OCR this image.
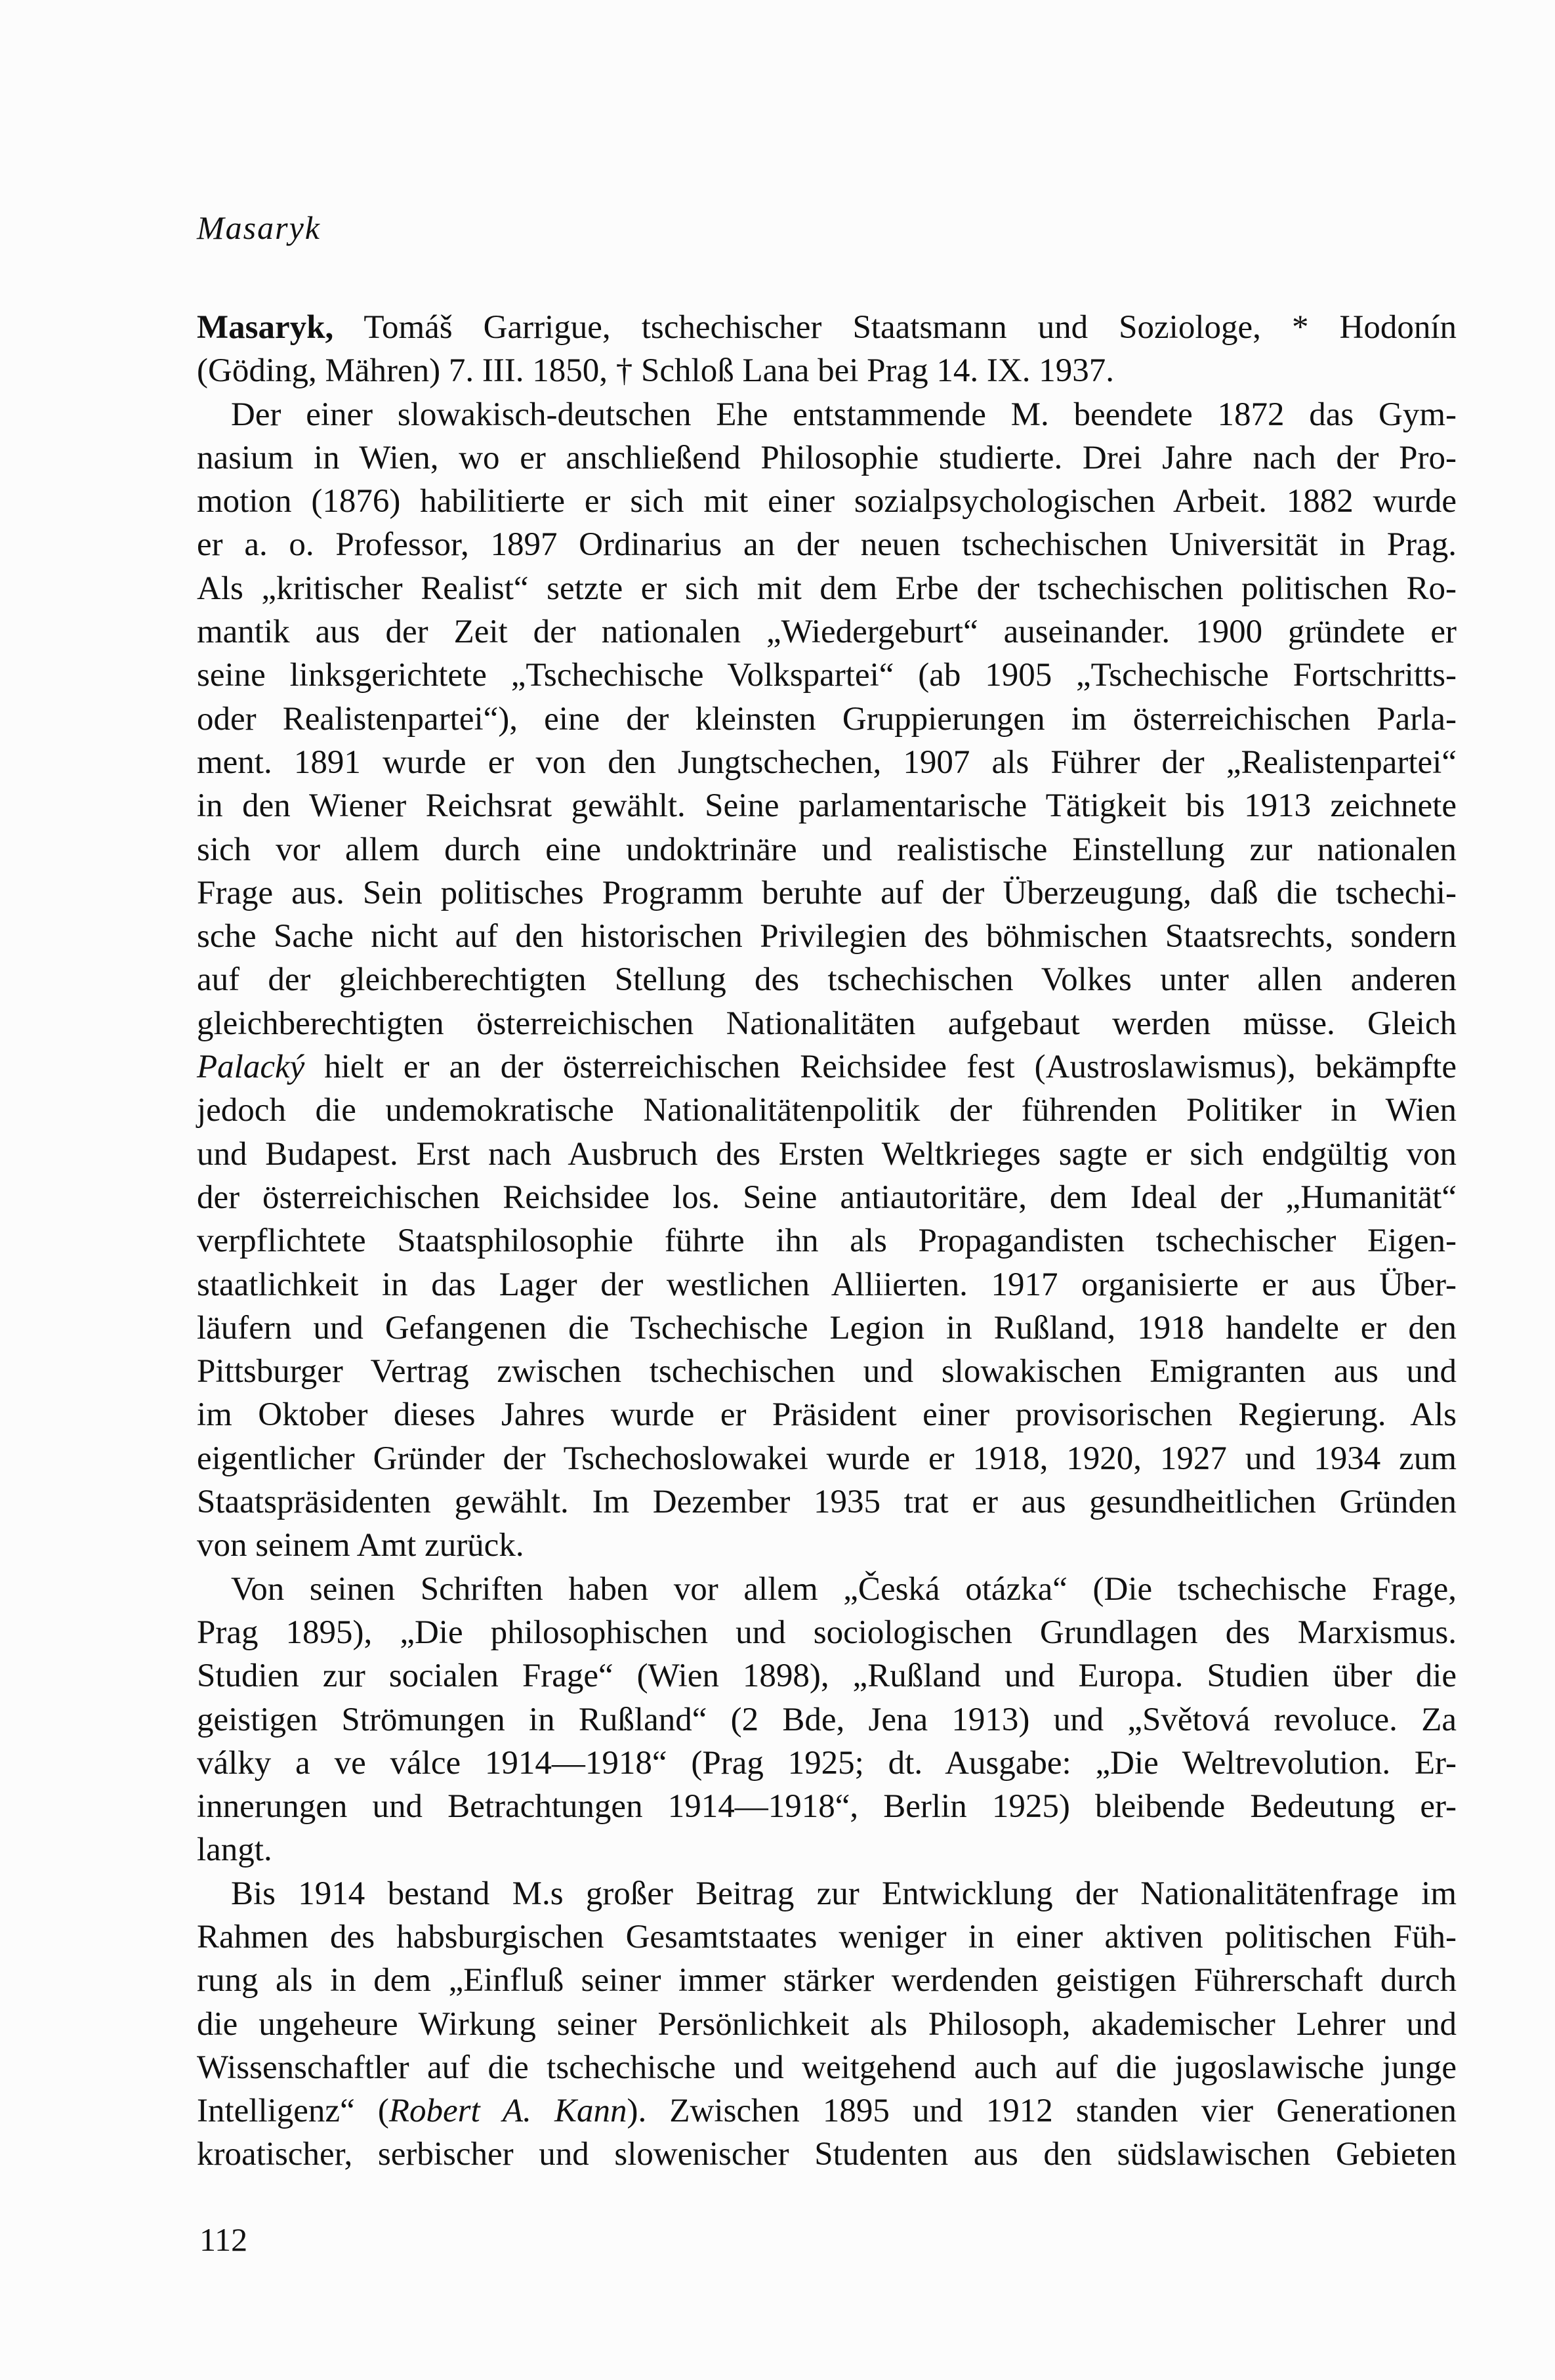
Masaryk
Masaryk, Tomáš Garrigue, tschechischer Staatsmann und Soziologe, * Hodonín
(Göding, Mähren) 7. III. 1850, † Schloß Lana bei Prag 14. IX. 1937.
Der einer slowakisch-deutschen Ehe entstammende M. beendete 1872 das Gym-
nasium in Wien, wo er anschließend Philosophie studierte. Drei Jahre nach der Pro-
motion (1876) habilitierte er sich mit einer sozialpsychologischen Arbeit. 1882 wurde
er a. o. Professor, 1897 Ordinarius an der neuen tschechischen Universität in Prag.
Als „kritischer Realist“ setzte er sich mit dem Erbe der tschechischen politischen Ro-
mantik aus der Zeit der nationalen „Wiedergeburt“ auseinander. 1900 gründete er
seine linksgerichtete „Tschechische Volkspartei“ (ab 1905 „Tschechische Fortschritts-
oder Realistenpartei“), eine der kleinsten Gruppierungen im österreichischen Parla-
ment. 1891 wurde er von den Jungtschechen, 1907 als Führer der „Realistenpartei“
in den Wiener Reichsrat gewählt. Seine parlamentarische Tätigkeit bis 1913 zeichnete
sich vor allem durch eine undoktrinäre und realistische Einstellung zur nationalen
Frage aus. Sein politisches Programm beruhte auf der Überzeugung, daß die tschechi-
sche Sache nicht auf den historischen Privilegien des böhmischen Staatsrechts, sondern
auf der gleichberechtigten Stellung des tschechischen Volkes unter allen anderen
gleichberechtigten österreichischen Nationalitäten aufgebaut werden müsse. Gleich
Palacký hielt er an der österreichischen Reichsidee fest (Austroslawismus), bekämpfte
jedoch die undemokratische Nationalitätenpolitik der führenden Politiker in Wien
und Budapest. Erst nach Ausbruch des Ersten Weltkrieges sagte er sich endgültig von
der österreichischen Reichsidee los. Seine antiautoritäre, dem Ideal der „Humanität“
verpflichtete Staatsphilosophie führte ihn als Propagandisten tschechischer Eigen-
staatlichkeit in das Lager der westlichen Alliierten. 1917 organisierte er aus Über-
läufern und Gefangenen die Tschechische Legion in Rußland, 1918 handelte er den
Pittsburger Vertrag zwischen tschechischen und slowakischen Emigranten aus und
im Oktober dieses Jahres wurde er Präsident einer provisorischen Regierung. Als
eigentlicher Gründer der Tschechoslowakei wurde er 1918, 1920, 1927 und 1934 zum
Staatspräsidenten gewählt. Im Dezember 1935 trat er aus gesundheitlichen Gründen
von seinem Amt zurück.
Von seinen Schriften haben vor allem „Česká otázka“ (Die tschechische Frage,
Prag 1895), „Die philosophischen und sociologischen Grundlagen des Marxismus.
Studien zur socialen Frage“ (Wien 1898), „Rußland und Europa. Studien über die
geistigen Strömungen in Rußland“ (2 Bde, Jena 1913) und „Světová revoluce. Za
války a ve válce 1914—1918“ (Prag 1925; dt. Ausgabe: „Die Weltrevolution. Er-
innerungen und Betrachtungen 1914—1918“, Berlin 1925) bleibende Bedeutung er-
langt.
Bis 1914 bestand M.s großer Beitrag zur Entwicklung der Nationalitätenfrage im
Rahmen des habsburgischen Gesamtstaates weniger in einer aktiven politischen Füh-
rung als in dem „Einfluß seiner immer stärker werdenden geistigen Führerschaft durch
die ungeheure Wirkung seiner Persönlichkeit als Philosoph, akademischer Lehrer und
Wissenschaftler auf die tschechische und weitgehend auch auf die jugoslawische junge
Intelligenz“ (Robert A. Kann). Zwischen 1895 und 1912 standen vier Generationen
kroatischer, serbischer und slowenischer Studenten aus den südslawischen Gebieten
112
